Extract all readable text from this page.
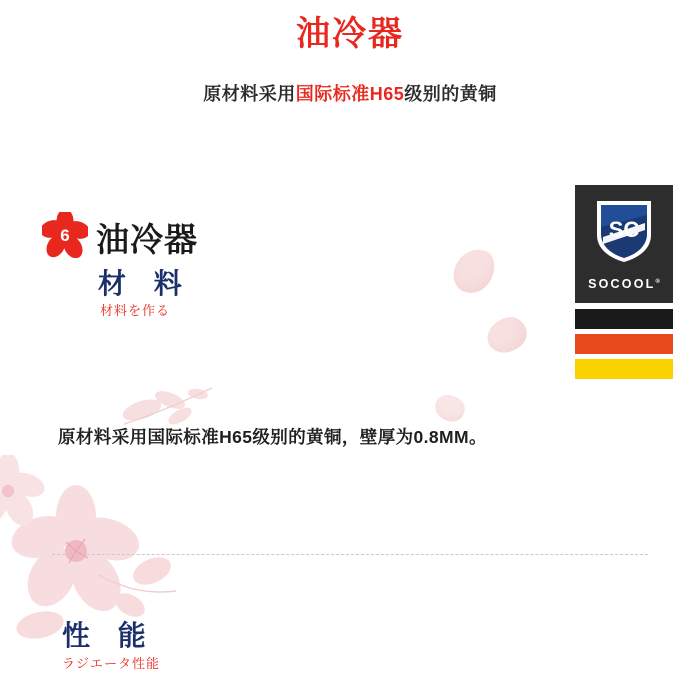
油冷器
原材料采用国际标准H65级别的黄铜
6 油冷器
材 料
材料を作る
SC
SOCOOL®
原材料采用国际标准H65级别的黄铜，壁厚为0.8MM。
性 能
ラジエータ性能
